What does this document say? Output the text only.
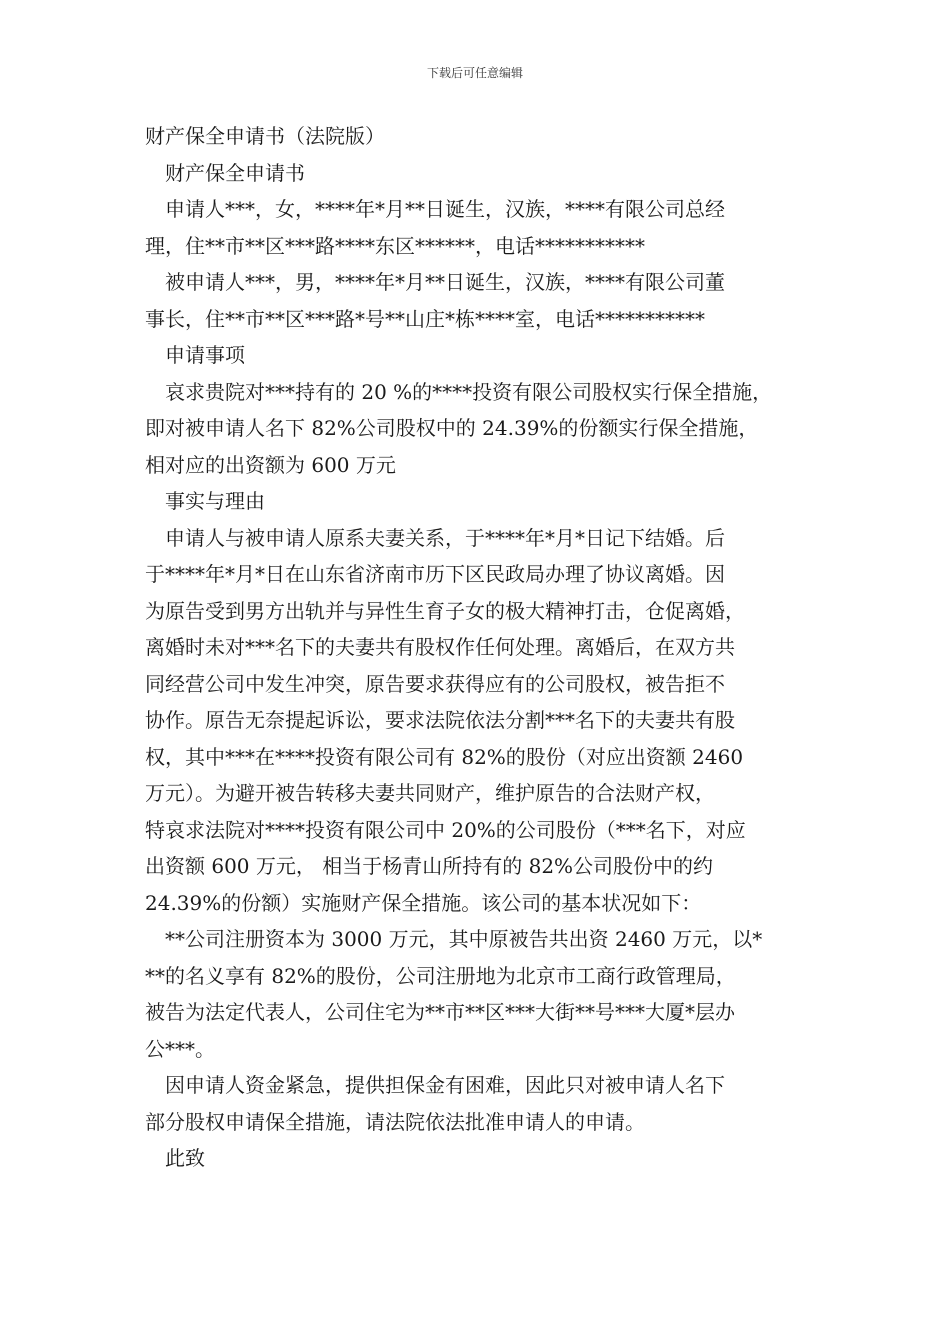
下载后可任意编辑
财产保全申请书（法院版）
财产保全申请书
申请人***，女，****年*月**日诞生，汉族，****有限公司总经
理，住**市**区***路****东区******，电话***********
被申请人***，男，****年*月**日诞生，汉族，****有限公司董
事长，住**市**区***路*号**山庄*栋****室，电话***********
申请事项
哀求贵院对***持有的 20 %的****投资有限公司股权实行保全措施，
即对被申请人名下 82%公司股权中的 24.39%的份额实行保全措施，
相对应的出资额为 600 万元
事实与理由
申请人与被申请人原系夫妻关系，于****年*月*日记下结婚。后
于****年*月*日在山东省济南市历下区民政局办理了协议离婚。因
为原告受到男方出轨并与异性生育子女的极大精神打击，仓促离婚，
离婚时未对***名下的夫妻共有股权作任何处理。离婚后，在双方共
同经营公司中发生冲突，原告要求获得应有的公司股权，被告拒不
协作。原告无奈提起诉讼，要求法院依法分割***名下的夫妻共有股
权，其中***在****投资有限公司有 82%的股份（对应出资额 2460
万元）。为避开被告转移夫妻共同财产，维护原告的合法财产权，
特哀求法院对****投资有限公司中 20%的公司股份（***名下，对应
出资额 600 万元， 相当于杨青山所持有的 82%公司股份中的约
24.39%的份额）实施财产保全措施。该公司的基本状况如下：
**公司注册资本为 3000 万元，其中原被告共出资 2460 万元，以*
**的名义享有 82%的股份，公司注册地为北京市工商行政管理局，
被告为法定代表人，公司住宅为**市**区***大街**号***大厦*层办
公***。
因申请人资金紧急，提供担保金有困难，因此只对被申请人名下
部分股权申请保全措施，请法院依法批准申请人的申请。
此致
